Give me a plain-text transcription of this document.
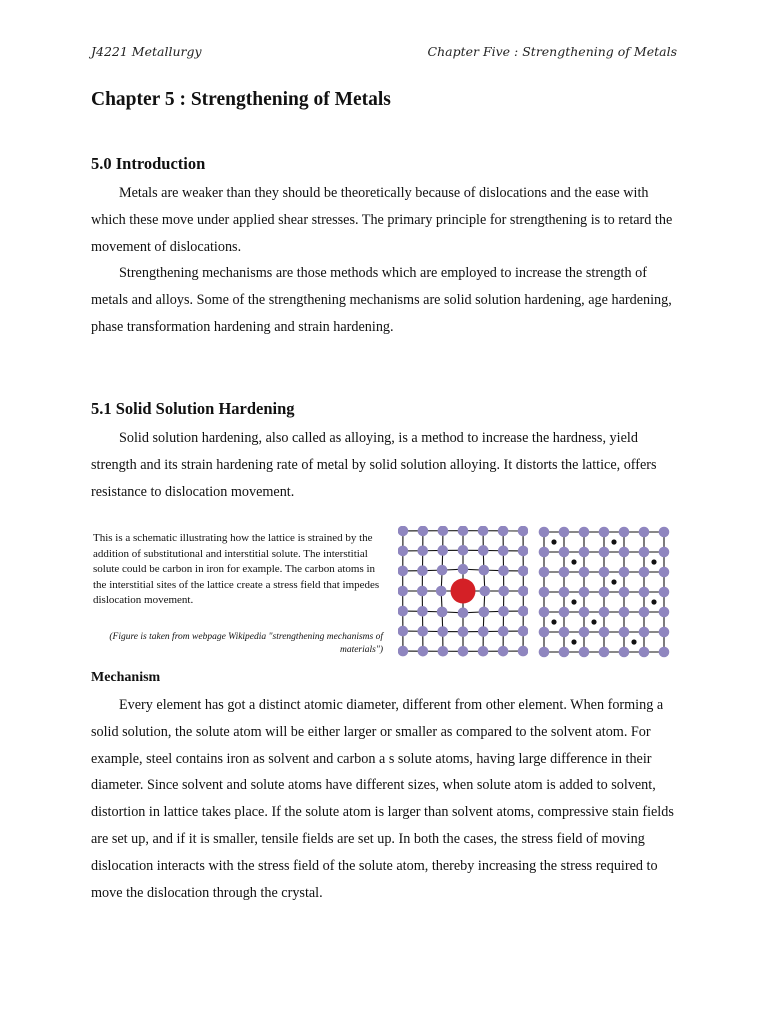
J4221 Metallurgy	Chapter Five : Strengthening of Metals
Chapter 5 : Strengthening of Metals
5.0 Introduction

Metals are weaker than they should be theoretically because of dislocations and the ease with which these move under applied shear stresses. The primary principle for strengthening is to retard the movement of dislocations.

Strengthening mechanisms are those methods which are employed to increase the strength of metals and alloys. Some of the strengthening mechanisms are solid solution hardening, age hardening, phase transformation hardening and strain hardening.

5.1 Solid Solution Hardening

Solid solution hardening, also called as alloying, is a method to increase the hardness, yield strength and its strain hardening rate of metal by solid solution alloying. It distorts the lattice, offers resistance to dislocation movement.

This is a schematic illustrating how the lattice is strained by the addition of substitutional and interstitial solute. The interstitial solute could be carbon in iron for example. The carbon atoms in the interstitial sites of the lattice create a stress field that impedes dislocation movement.

(Figure is taken from webpage Wikipedia "strengthening mechanisms of materials")

Mechanism

Every element has got a distinct atomic diameter, different from other element. When forming a solid solution, the solute atom will be either larger or smaller as compared to the solvent atom. For example, steel contains iron as solvent and carbon a s solute atoms, having large difference in their diameter. Since solvent and solute atoms have different sizes, when solute atom is added to solvent, distortion in lattice takes place. If the solute atom is larger than solvent atoms, compressive stain fields are set up, and if it is smaller, tensile fields are set up. In both the cases, the stress field of moving dislocation interacts with the stress field of the solute atom, thereby increasing the stress required to move the dislocation through the crystal.
